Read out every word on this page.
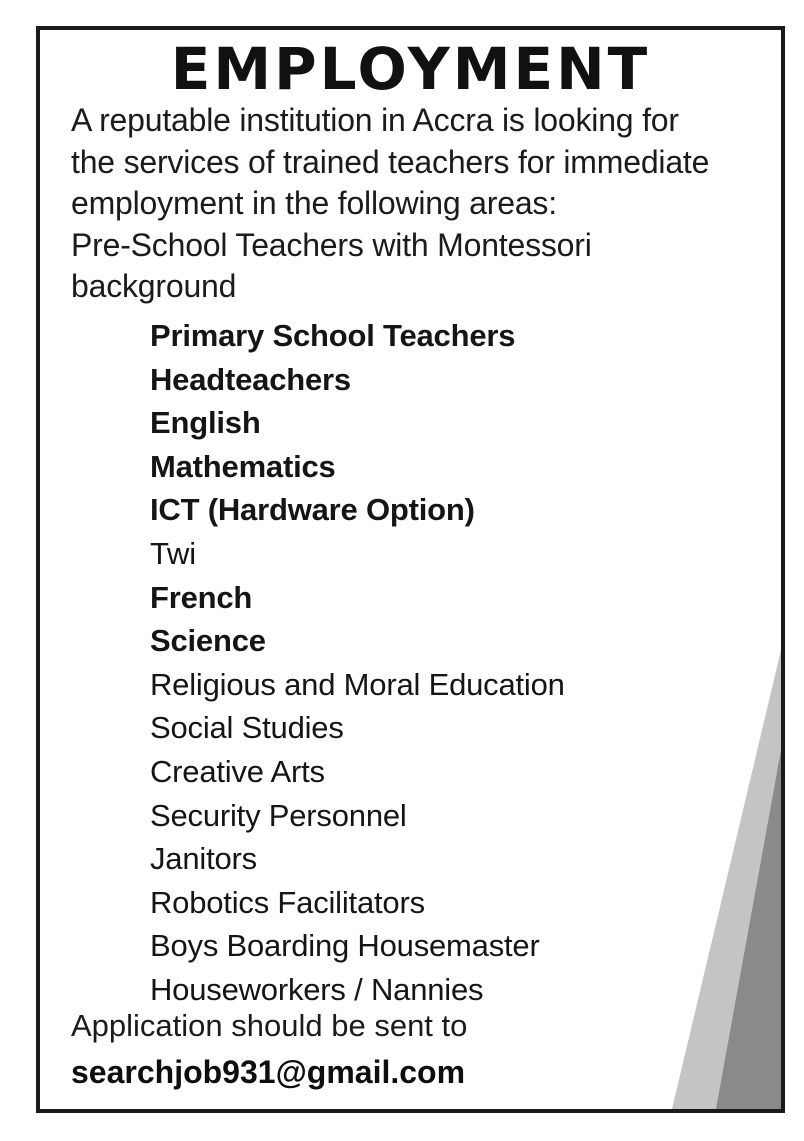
EMPLOYMENT
A reputable institution in Accra is looking for
the services of trained teachers for immediate
employment in the following areas:
Pre-School Teachers with Montessori
background
Primary School Teachers
Headteachers
English
Mathematics
ICT (Hardware Option)
Twi
French
Science
Religious and Moral Education
Social Studies
Creative Arts
Security Personnel
Janitors
Robotics Facilitators
Boys Boarding Housemaster
Houseworkers / Nannies
Application should be sent to
searchjob931@gmail.com
